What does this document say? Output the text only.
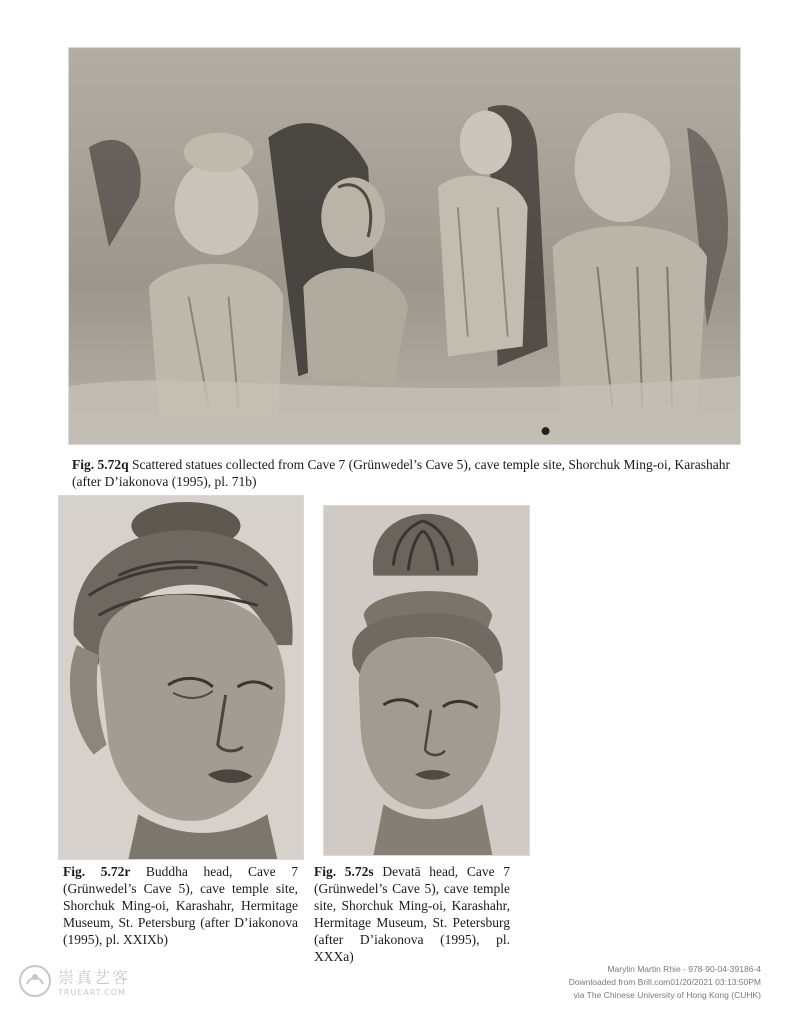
Fig. 5.72q Scattered statues collected from Cave 7 (Grünwedel’s Cave 5), cave temple site, Shorchuk Ming-oi, Karashahr (after D’iakonova (1995), pl. 71b)

Fig. 5.72r Buddha head, Cave 7 (Grünwedel’s Cave 5), cave temple site, Shorchuk Ming-oi, Karashahr, Hermitage Museum, St. Petersburg (after D’iakonova (1995), pl. XXIXb)

Fig. 5.72s Devatā head, Cave 7 (Grünwedel’s Cave 5), cave temple site, Shorchuk Ming-oi, Karashahr, Hermitage Museum, St. Petersburg (after D’iakonova (1995), pl. XXXa)

崇真艺客
TRUEART.COM
Marylin Martin Rhie - 978-90-04-39186-4
Downloaded from Brill.com01/20/2021 03:13:50PM
via The Chinese University of Hong Kong (CUHK)
